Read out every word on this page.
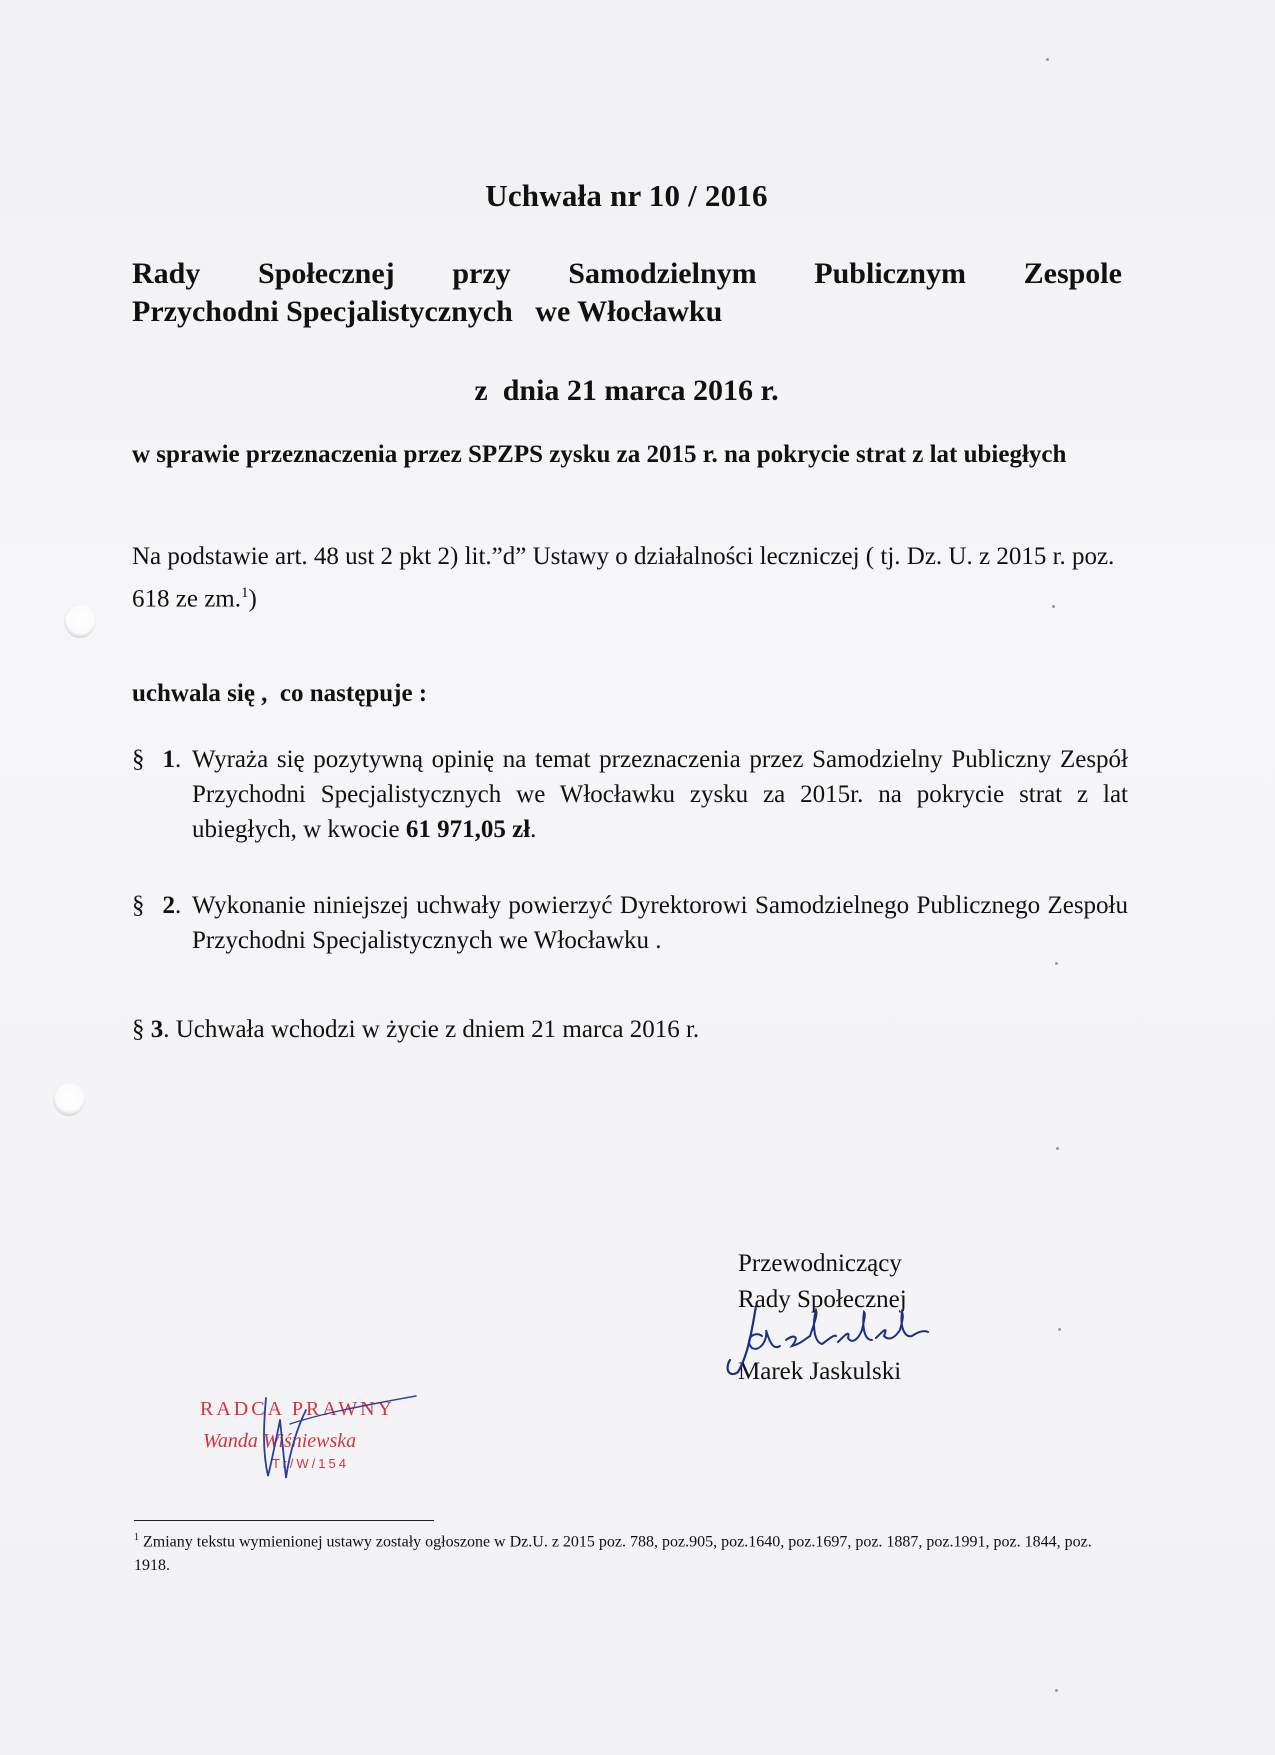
Uchwała nr 10 / 2016
Rady Społecznej przy Samodzielnym Publicznym Zespole
Przychodni Specjalistycznych   we Włocławku
z  dnia 21 marca 2016 r.
w sprawie przeznaczenia przez SPZPS zysku za 2015 r. na pokrycie strat z lat ubiegłych
Na podstawie art. 48 ust 2 pkt 2) lit.”d” Ustawy o działalności leczniczej ( tj. Dz. U. z 2015 r. poz. 618 ze zm.$^1$)
uchwala się ,  co następuje :
§ 1. Wyraża się pozytywną opinię na temat przeznaczenia przez Samodzielny Publiczny Zespół Przychodni Specjalistycznych we Włocławku zysku za 2015r. na pokrycie strat z lat ubiegłych, w kwocie 61 971,05 zł.
§ 2. Wykonanie niniejszej uchwały powierzyć Dyrektorowi Samodzielnego Publicznego Zespołu Przychodni Specjalistycznych we Włocławku .
§ 3. Uchwała wchodzi w życie z dniem 21 marca 2016 r.
Przewodniczący
Rady Społecznej
Marek Jaskulski
RADCA PRAWNY
Wanda Wiśniewska
Tr/W/154
$^1$ Zmiany tekstu wymienionej ustawy zostały ogłoszone w Dz.U. z 2015 poz. 788, poz.905, poz.1640, poz.1697, poz. 1887, poz.1991, poz. 1844, poz. 1918.
